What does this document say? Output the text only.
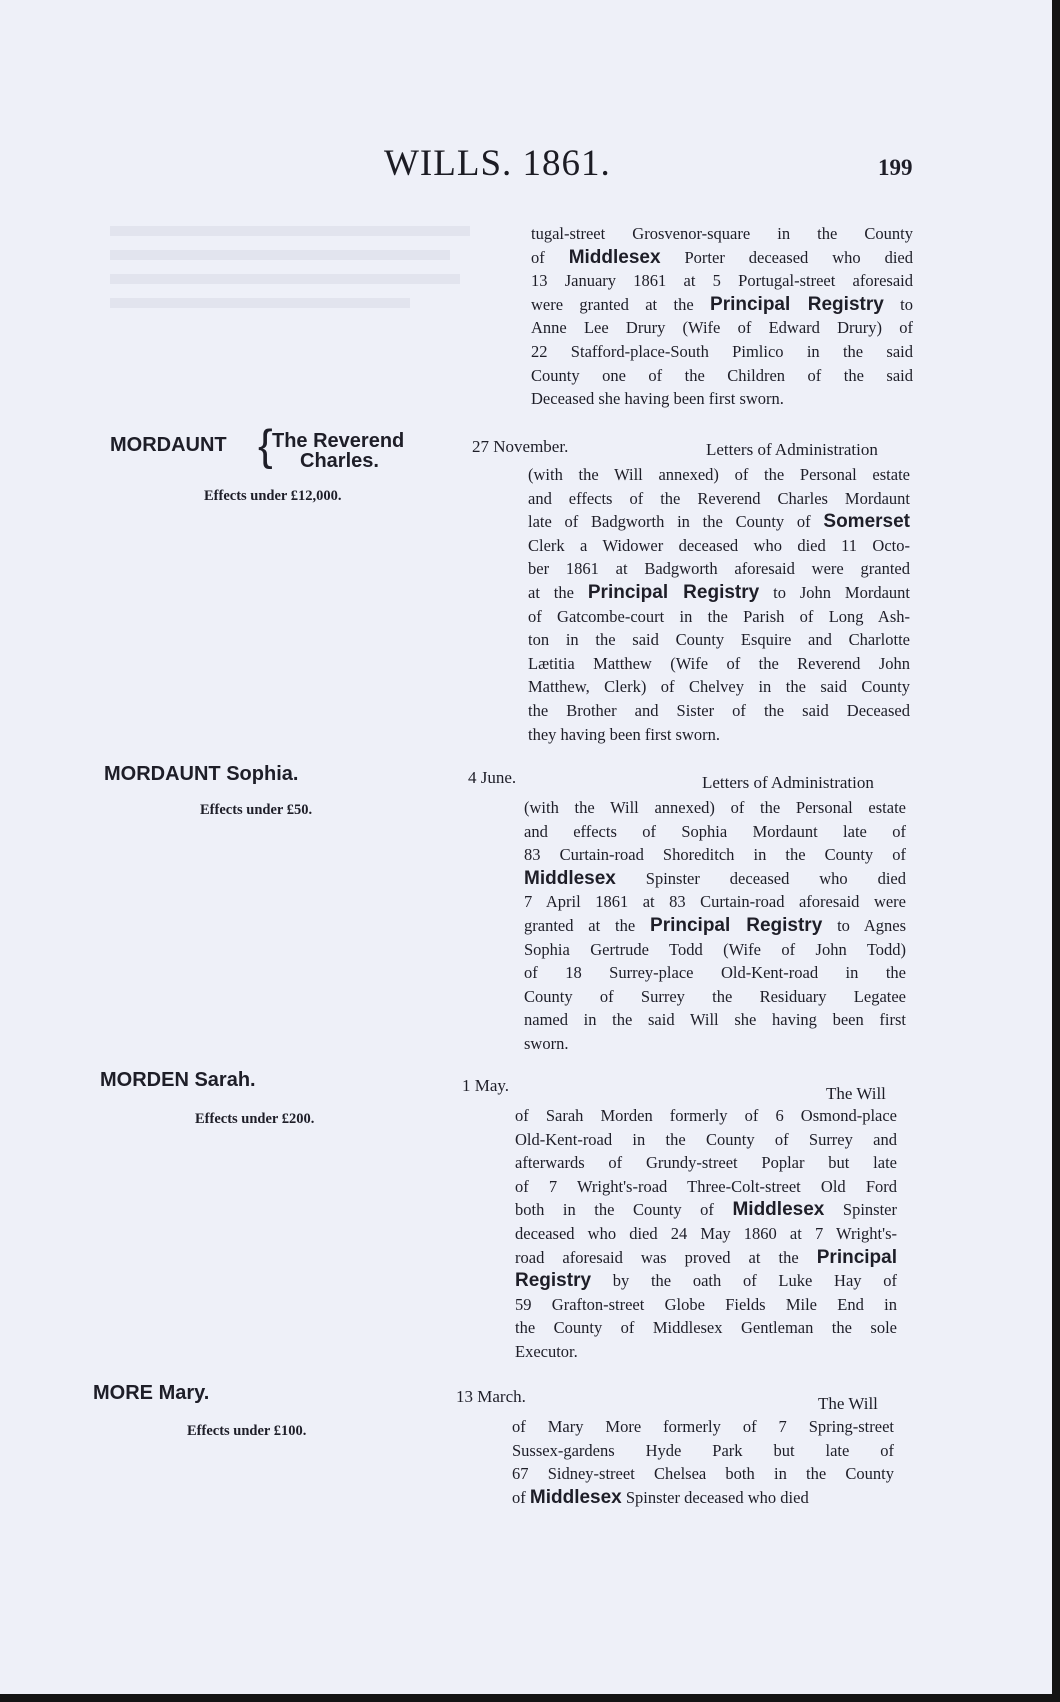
WILLS. 1861.	199
tugal-street Grosvenor-square in the County
of Middlesex Porter deceased who died
13 January 1861 at 5 Portugal-street aforesaid
were granted at the Principal Registry to
Anne Lee Drury (Wife of Edward Drury) of
22 Stafford-place-South Pimlico in the said
County one of the Children of the said
Deceased she having been first sworn.
MORDAUNT { The Reverend
Charles.
Effects under £12,000.
27 November.	Letters of Administration
(with the Will annexed) of the Personal estate
and effects of the Reverend Charles Mordaunt
late of Badgworth in the County of Somerset
Clerk a Widower deceased who died 11 Octo-
ber 1861 at Badgworth aforesaid were granted
at the Principal Registry to John Mordaunt
of Gatcombe-court in the Parish of Long Ash-
ton in the said County Esquire and Charlotte
Lætitia Matthew (Wife of the Reverend John
Matthew, Clerk) of Chelvey in the said County
the Brother and Sister of the said Deceased
they having been first sworn.
MORDAUNT Sophia.
Effects under £50.
4 June.	Letters of Administration
(with the Will annexed) of the Personal estate
and effects of Sophia Mordaunt late of
83 Curtain-road Shoreditch in the County of
Middlesex Spinster deceased who died
7 April 1861 at 83 Curtain-road aforesaid were
granted at the Principal Registry to Agnes
Sophia Gertrude Todd (Wife of John Todd)
of 18 Surrey-place Old-Kent-road in the
County of Surrey the Residuary Legatee
named in the said Will she having been first
sworn.
MORDEN Sarah.
Effects under £200.
1 May.	The Will
of Sarah Morden formerly of 6 Osmond-place
Old-Kent-road in the County of Surrey and
afterwards of Grundy-street Poplar but late
of 7 Wright's-road Three-Colt-street Old Ford
both in the County of Middlesex Spinster
deceased who died 24 May 1860 at 7 Wright's-
road aforesaid was proved at the Principal
Registry by the oath of Luke Hay of
59 Grafton-street Globe Fields Mile End in
the County of Middlesex Gentleman the sole
Executor.
MORE Mary.
Effects under £100.
13 March.	The Will
of Mary More formerly of 7 Spring-street
Sussex-gardens Hyde Park but late of
67 Sidney-street Chelsea both in the County
of Middlesex Spinster deceased who died
